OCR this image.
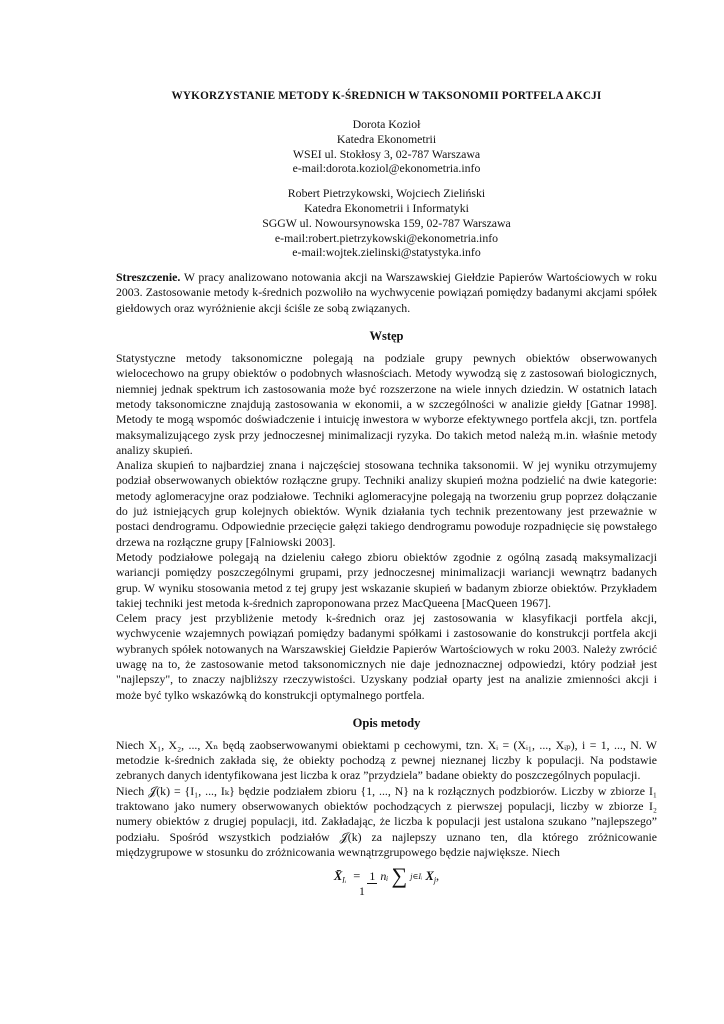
WYKORZYSTANIE METODY K-ŚREDNICH W TAKSONOMII PORTFELA AKCJI
Dorota Kozioł
Katedra Ekonometrii
WSEI ul. Stokłosy 3, 02-787 Warszawa
e-mail:dorota.koziol@ekonometria.info
Robert Pietrzykowski, Wojciech Zieliński
Katedra Ekonometrii i Informatyki
SGGW ul. Nowoursynowska 159, 02-787 Warszawa
e-mail:robert.pietrzykowski@ekonometria.info
e-mail:wojtek.zielinski@statystyka.info

Streszczenie. W pracy analizowano notowania akcji na Warszawskiej Giełdzie Papierów Wartościowych w roku 2003. Zastosowanie metody k-średnich pozwoliło na wychwycenie powiązań pomiędzy badanymi akcjami spółek giełdowych oraz wyróżnienie akcji ściśle ze sobą związanych.

Wstęp

Statystyczne metody taksonomiczne polegają na podziale grupy pewnych obiektów obserwowanych wielocechowo na grupy obiektów o podobnych własnościach. Metody wywodzą się z zastosowań biologicznych, niemniej jednak spektrum ich zastosowania może być rozszerzone na wiele innych dziedzin. W ostatnich latach metody taksonomiczne znajdują zastosowania w ekonomii, a w szczególności w analizie giełdy [Gatnar 1998]. Metody te mogą wspomóc doświadczenie i intuicję inwestora w wyborze efektywnego portfela akcji, tzn. portfela maksymalizującego zysk przy jednoczesnej minimalizacji ryzyka. Do takich metod należą m.in. właśnie metody analizy skupień.

Analiza skupień to najbardziej znana i najczęściej stosowana technika taksonomii. W jej wyniku otrzymujemy podział obserwowanych obiektów rozłączne grupy. Techniki analizy skupień można podzielić na dwie kategorie: metody aglomeracyjne oraz podziałowe. Techniki aglomeracyjne polegają na tworzeniu grup poprzez dołączanie do już istniejących grup kolejnych obiektów. Wynik działania tych technik prezentowany jest przeważnie w postaci dendrogramu. Odpowiednie przecięcie gałęzi takiego dendrogramu powoduje rozpadnięcie się powstałego drzewa na rozłączne grupy [Falniowski 2003].

Metody podziałowe polegają na dzieleniu całego zbioru obiektów zgodnie z ogólną zasadą maksymalizacji wariancji pomiędzy poszczególnymi grupami, przy jednoczesnej minimalizacji wariancji wewnątrz badanych grup. W wyniku stosowania metod z tej grupy jest wskazanie skupień w badanym zbiorze obiektów. Przykładem takiej techniki jest metoda k-średnich zaproponowana przez MacQueena [MacQueen 1967].

Celem pracy jest przybliżenie metody k-średnich oraz jej zastosowania w klasyfikacji portfela akcji, wychwycenie wzajemnych powiązań pomiędzy badanymi spółkami i zastosowanie do konstrukcji portfela akcji wybranych spółek notowanych na Warszawskiej Giełdzie Papierów Wartościowych w roku 2003. Należy zwrócić uwagę na to, że zastosowanie metod taksonomicznych nie daje jednoznacznej odpowiedzi, który podział jest "najlepszy", to znaczy najbliższy rzeczywistości. Uzyskany podział oparty jest na analizie zmienności akcji i może być tylko wskazówką do konstrukcji optymalnego portfela.

Opis metody

Niech X₁, X₂, ..., Xₙ będą zaobserwowanymi obiektami p cechowymi, tzn. Xᵢ = (Xᵢ₁, ..., Xᵢₚ), i = 1, ..., N. W metodzie k-średnich zakłada się, że obiekty pochodzą z pewnej nieznanej liczby k populacji. Na podstawie zebranych danych identyfikowana jest liczba k oraz ”przydziela” badane obiekty do poszczególnych populacji.

Niech 𝒥(k) = {I₁, ..., Iₖ} będzie podziałem zbioru {1, ..., N} na k rozłącznych podzbiorów. Liczby w zbiorze I₁ traktowano jako numery obserwowanych obiektów pochodzących z pierwszej populacji, liczby w zbiorze I₂ numery obiektów z drugiej populacji, itd. Zakładając, że liczba k populacji jest ustalona szukano ”najlepszego” podziału. Spośród wszystkich podziałów 𝒥(k) za najlepszy uznano ten, dla którego zróżnicowanie międzygrupowe w stosunku do zróżnicowania wewnątrzgrupowego będzie największe. Niech

$X̄_{Iᵢ} = 1$ nᵢ ∑ j∈Iᵢ $X_j$,
1
